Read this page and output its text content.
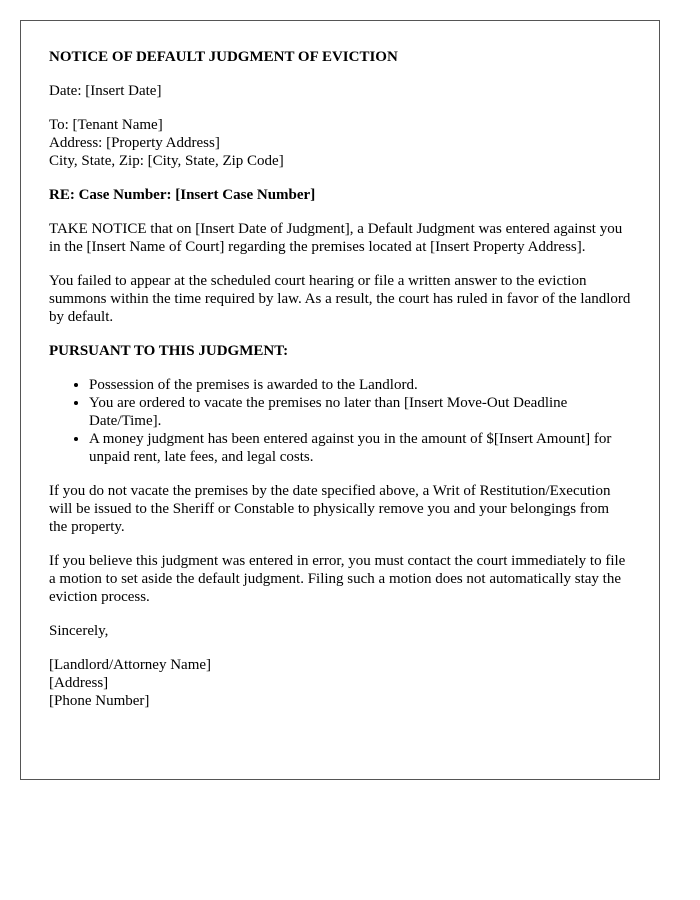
NOTICE OF DEFAULT JUDGMENT OF EVICTION

Date: [Insert Date]

To: [Tenant Name]
Address: [Property Address]
City, State, Zip: [City, State, Zip Code]

RE: Case Number: [Insert Case Number]

TAKE NOTICE that on [Insert Date of Judgment], a Default Judgment was entered against you in the [Insert Name of Court] regarding the premises located at [Insert Property Address].

You failed to appear at the scheduled court hearing or file a written answer to the eviction summons within the time required by law. As a result, the court has ruled in favor of the landlord by default.

PURSUANT TO THIS JUDGMENT:
• Possession of the premises is awarded to the Landlord.
• You are ordered to vacate the premises no later than [Insert Move-Out Deadline Date/Time].
• A money judgment has been entered against you in the amount of $[Insert Amount] for unpaid rent, late fees, and legal costs.

If you do not vacate the premises by the date specified above, a Writ of Restitution/Execution will be issued to the Sheriff or Constable to physically remove you and your belongings from the property.

If you believe this judgment was entered in error, you must contact the court immediately to file a motion to set aside the default judgment. Filing such a motion does not automatically stay the eviction process.

Sincerely,

[Landlord/Attorney Name]
[Address]
[Phone Number]
